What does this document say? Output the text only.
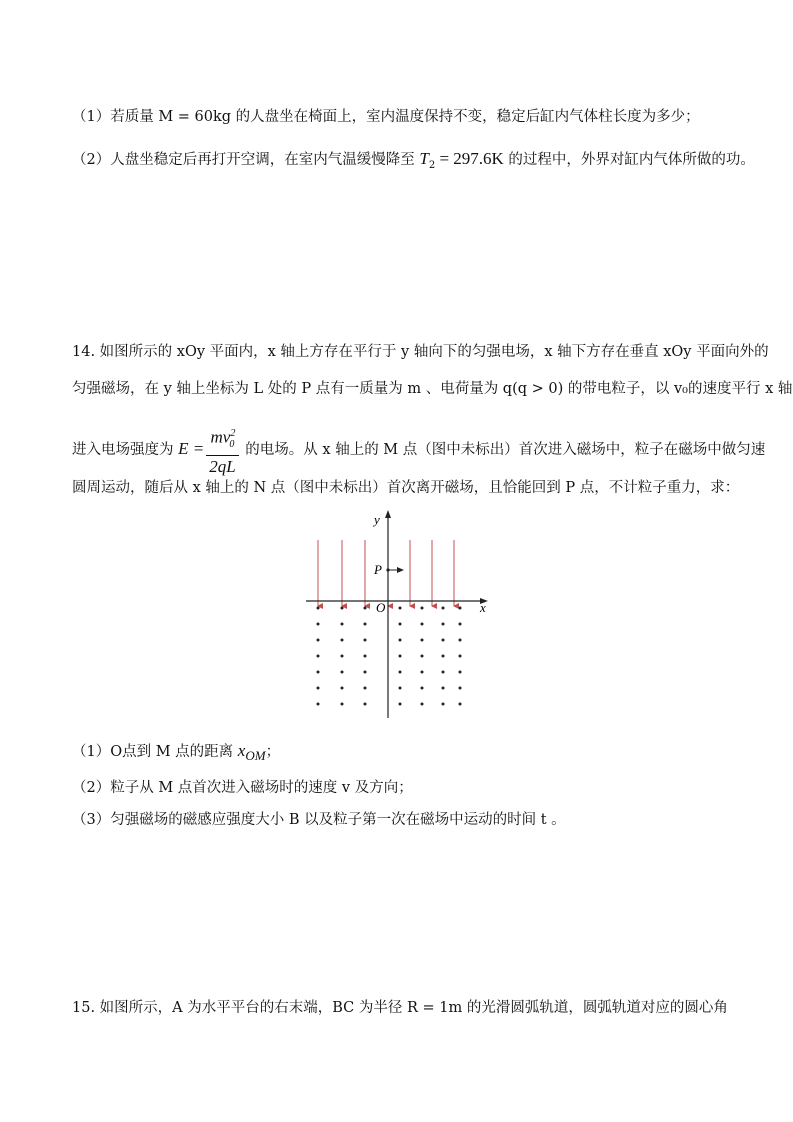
（1）若质量 M = 60kg 的人盘坐在椅面上，室内温度保持不变，稳定后缸内气体柱长度为多少；
（2）人盘坐稳定后再打开空调，在室内气温缓慢降至 $T_2 = 297.6K$ 的过程中，外界对缸内气体所做的功。
14. 如图所示的 xOy 平面内，x 轴上方存在平行于 y 轴向下的匀强电场，x 轴下方存在垂直 xOy 平面向外的
匀强磁场，在 y 轴上坐标为 L 处的 P 点有一质量为 m 、电荷量为 q(q > 0) 的带电粒子，以 v₀的速度平行 x 轴
进入电场强度为 $E = \frac{mv^2_0}{2qL}$ 的电场。从 x 轴上的 M 点（图中未标出）首次进入磁场中，粒子在磁场中做匀速
圆周运动，随后从 x 轴上的 N 点（图中未标出）首次离开磁场，且恰能回到 P 点，不计粒子重力，求：
y
x
P
O
（1）O点到 M 点的距离 $x_{OM}$；
（2）粒子从 M 点首次进入磁场时的速度 v 及方向；
（3）匀强磁场的磁感应强度大小 B 以及粒子第一次在磁场中运动的时间 t 。
15. 如图所示，A 为水平平台的右末端，BC 为半径 R = 1m 的光滑圆弧轨道，圆弧轨道对应的圆心角
